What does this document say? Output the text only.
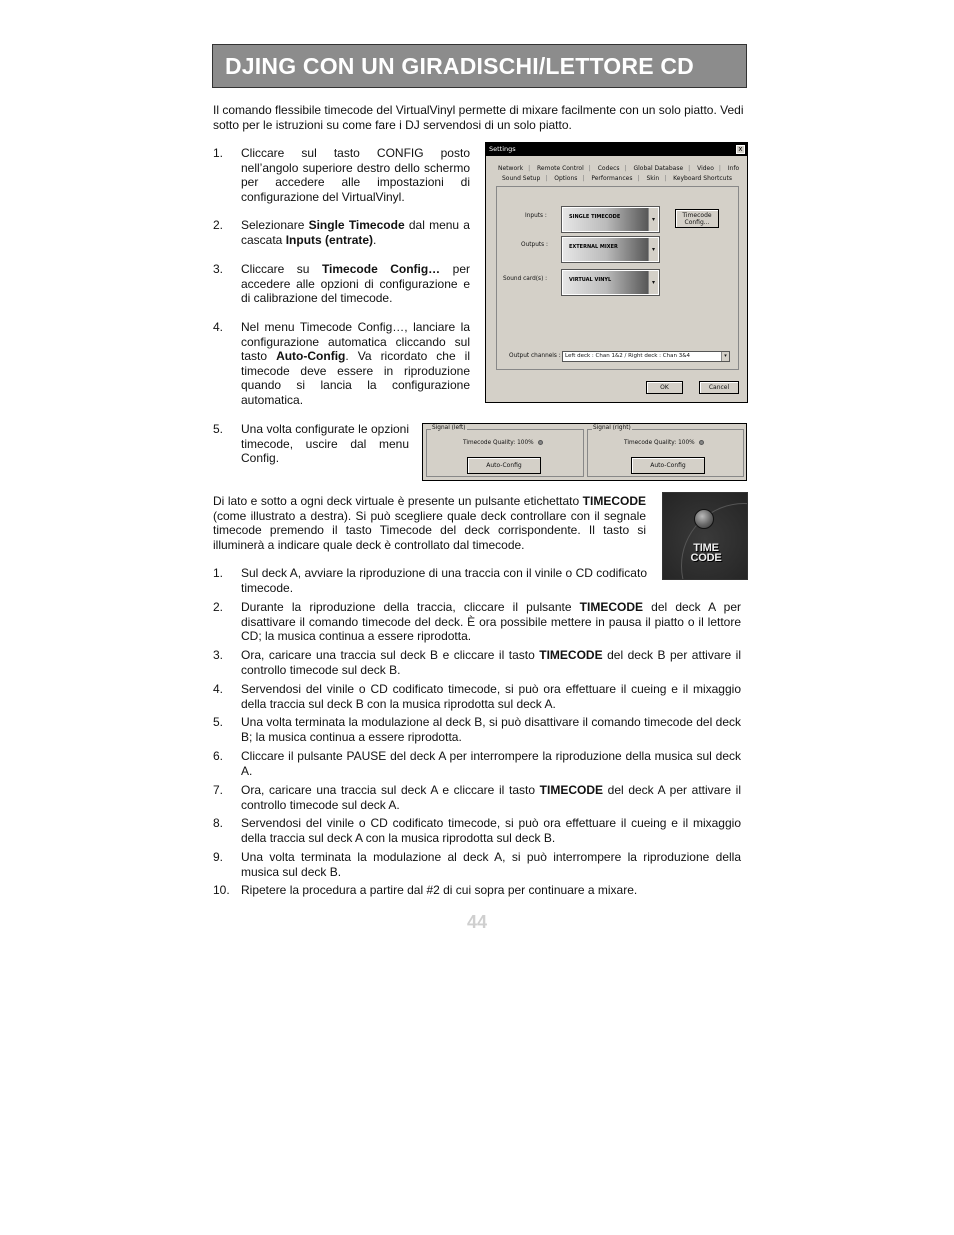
DJING CON UN GIRADISCHI/LETTORE CD
Il comando flessibile timecode del VirtualVinyl permette di mixare facilmente con un solo piatto. Vedi sotto per le istruzioni su come fare i DJ servendosi di un solo piatto.
1. Cliccare sul tasto CONFIG posto nell’angolo superiore destro dello schermo per accedere alle impostazioni di configurazione del VirtualVinyl.
2. Selezionare Single Timecode dal menu a cascata Inputs (entrate).
3. Cliccare su Timecode Config… per accedere alle opzioni di configurazione e di calibrazione del timecode.
4. Nel menu Timecode Config…, lanciare la configurazione automatica cliccando sul tasto Auto-Config. Va ricordato che il timecode deve essere in riproduzione quando si lancia la configurazione automatica.
5. Una volta configurate le opzioni timecode, uscire dal menu Config.
Settings	x
Network | Remote Control | Codecs | Global Database | Video | Info
Sound Setup | Options | Performances | Skin | Keyboard Shortcuts
Inputs :	SINGLE TIMECODE	▾
Timecode Config...
Outputs :	EXTERNAL MIXER	▾
Sound card(s) :	VIRTUAL VINYL	▾
Output channels : Left deck : Chan 1&2 / Right deck : Chan 3&4	▾
OK	Cancel
Signal (left)
Timecode Quality: 100%
Auto-Config
Signal (right)
Timecode Quality: 100%
Auto-Config
Di lato e sotto a ogni deck virtuale è presente un pulsante etichettato TIMECODE (come illustrato a destra). Si può scegliere quale deck controllare con il segnale timecode premendo il tasto Timecode del deck corrispondente. Il tasto si illuminerà a indicare quale deck è controllato dal timecode.	TIME
CODE
1. Sul deck A, avviare la riproduzione di una traccia con il vinile o CD codificato timecode.
2. Durante la riproduzione della traccia, cliccare il pulsante TIMECODE del deck A per disattivare il comando timecode del deck. È ora possibile mettere in pausa il piatto o il lettore CD; la musica continua a essere riprodotta.
3. Ora, caricare una traccia sul deck B e cliccare il tasto TIMECODE del deck B per attivare il controllo timecode sul deck B.
4. Servendosi del vinile o CD codificato timecode, si può ora effettuare il cueing e il mixaggio della traccia sul deck B con la musica riprodotta sul deck A.
5. Una volta terminata la modulazione al deck B, si può disattivare il comando timecode del deck B; la musica continua a essere riprodotta.
6. Cliccare il pulsante PAUSE del deck A per interrompere la riproduzione della musica sul deck A.
7. Ora, caricare una traccia sul deck A e cliccare il tasto TIMECODE del deck A per attivare il controllo timecode sul deck A.
8. Servendosi del vinile o CD codificato timecode, si può ora effettuare il cueing e il mixaggio della traccia sul deck A con la musica riprodotta sul deck B.
9. Una volta terminata la modulazione al deck A, si può interrompere la riproduzione della musica sul deck B.
10. Ripetere la procedura a partire dal #2 di cui sopra per continuare a mixare.
44
